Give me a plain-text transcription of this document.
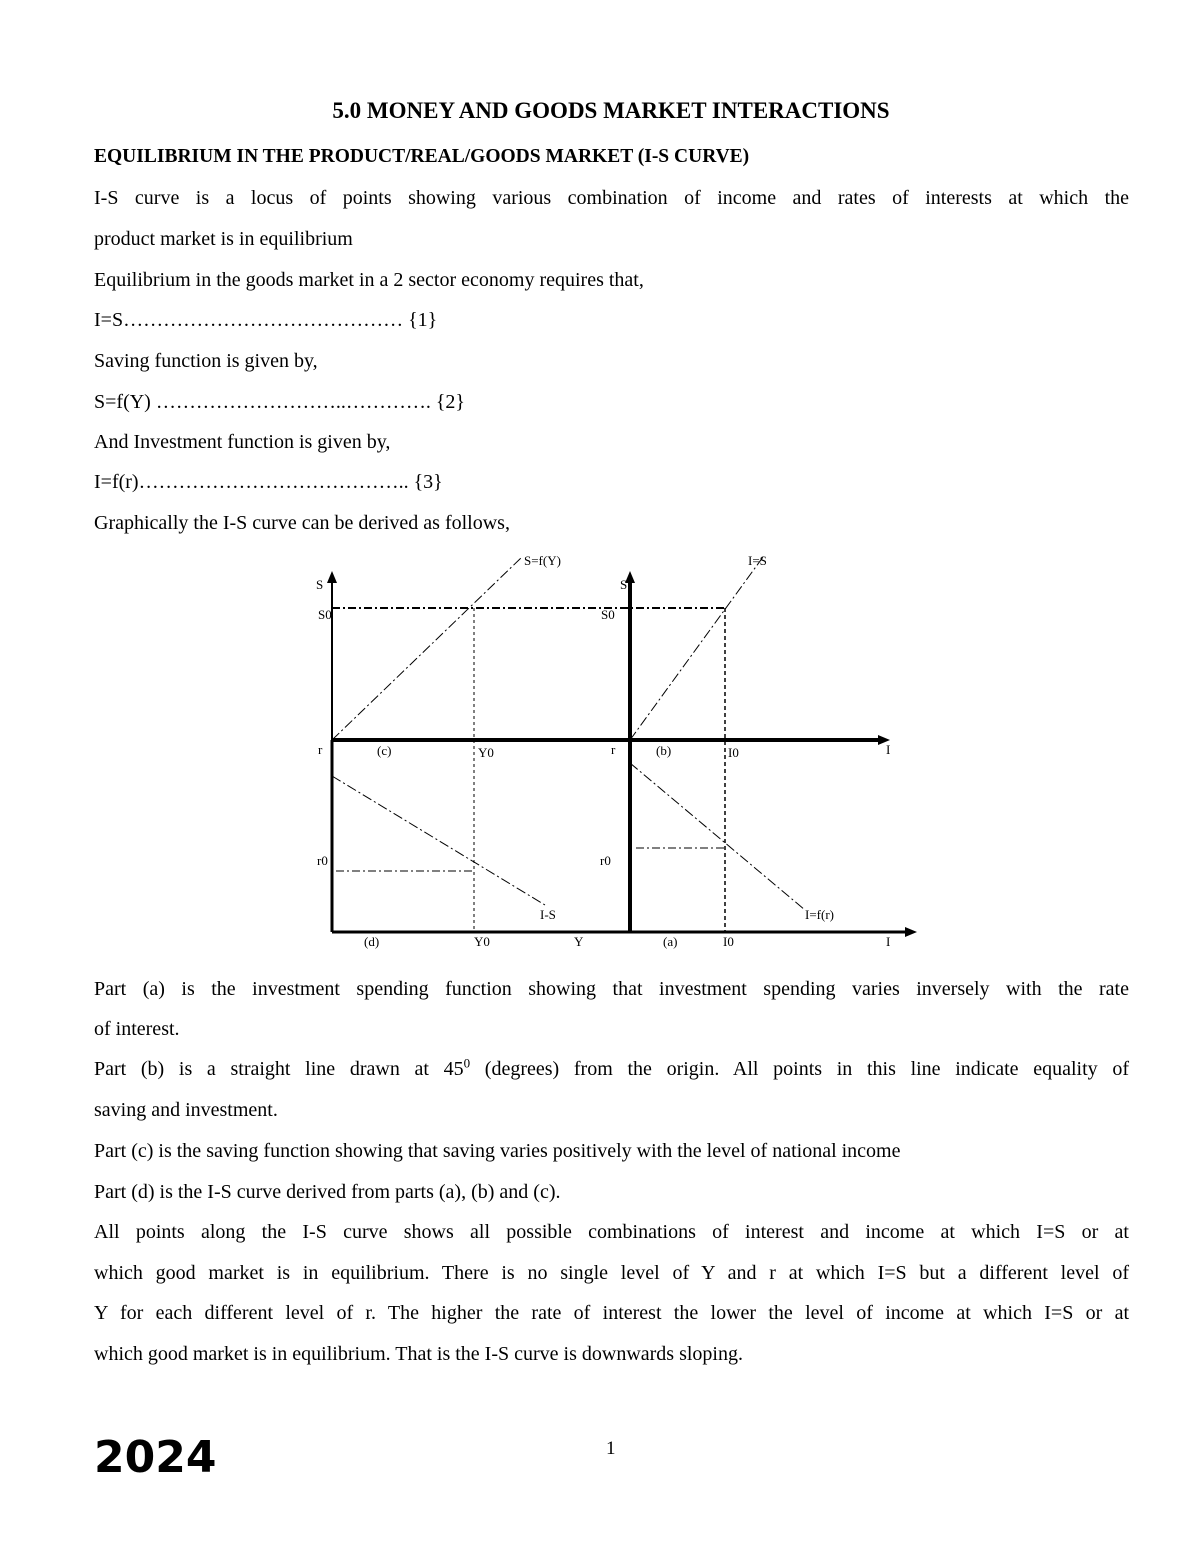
5.0 MONEY AND GOODS MARKET INTERACTIONS
EQUILIBRIUM IN THE PRODUCT/REAL/GOODS MARKET (I-S CURVE)
I-S curve is a locus of points showing various combination of income and rates of interests at which the
product market is in equilibrium
Equilibrium in the goods market in a 2 sector economy requires that,
I=S…………………………………… {1}
Saving function is given by,
S=f(Y) ………………………..…………. {2}
And Investment function is given by,
I=f(r)………………………………….. {3}
Graphically the I-S curve can be derived as follows,
S=f(Y)	I=S
I-S	I=f(r)
S	S
S0	S0
r	r	I
I
Y
r0	r0
Y0
Y0
I0
I0
(a)
(b)
(c)
(d)
Part (a) is the investment spending function showing that investment spending varies inversely with the rate
of interest.
Part (b) is a straight line drawn at $45^0$ (degrees) from the origin. All points in this line indicate equality of
saving and investment.
Part (c) is the saving function showing that saving varies positively with the level of national income
Part (d) is the I-S curve derived from parts (a), (b) and (c).
All points along the I-S curve shows all possible combinations of interest and income at which I=S or at
which good market is in equilibrium. There is no single level of Y and r at which I=S but a different level of
Y for each different level of r. The higher the rate of interest the lower the level of income at which I=S or at
which good market is in equilibrium. That is the I-S curve is downwards sloping.
2024	1
